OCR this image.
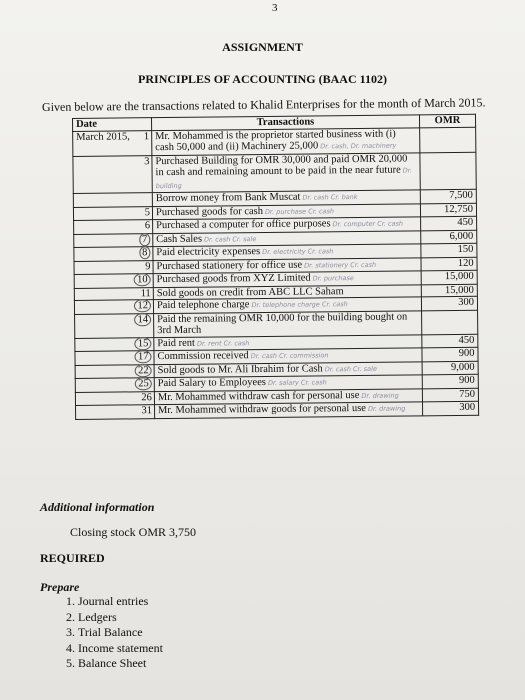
3
ASSIGNMENT
PRINCIPLES OF ACCOUNTING (BAAC 1102)
Given below are the transactions related to Khalid Enterprises for the month of March 2015.
Date	Transactions	OMR

March 2015, 1	Mr. Mohammed is the proprietor started business with (i) cash 50,000 and (ii) Machinery 25,000 Dr. cash, Dr. machinery	

3	Purchased Building for OMR 30,000 and paid OMR 20,000 in cash and remaining amount to be paid in the near future Dr. building	

	Borrow money from Bank Muscat Dr. cash Cr. bank	7,500

5	Purchased goods for cash Dr. purchase Cr. cash	12,750

6	Purchased a computer for office purposes Dr. computer Cr. cash	450

7	Cash Sales Dr. cash Cr. sale	6,000

8	Paid electricity expenses Dr. electricity Cr. cash	150

9	Purchased stationery for office use Dr. stationery Cr. cash	120

10	Purchased goods from XYZ Limited Dr. purchase	15,000

11	Sold goods on credit from ABC LLC Saham	15,000

12	Paid telephone charge Dr. telephone charge Cr. cash	300

14	Paid the remaining OMR 10,000 for the building bought on 3rd March	

15	Paid rent Dr. rent Cr. cash	450

17	Commission received Dr. cash Cr. commission	900

22	Sold goods to Mr. Ali Ibrahim for Cash Dr. cash Cr. sale	9,000

25	Paid Salary to Employees Dr. salary Cr. cash	900

26	Mr. Mohammed withdraw cash for personal use Dr. drawing	750

31	Mr. Mohammed withdraw goods for personal use Dr. drawing	300
Additional information
Closing stock OMR 3,750
REQUIRED
Prepare
1. Journal entries
2. Ledgers
3. Trial Balance
4. Income statement
5. Balance Sheet
